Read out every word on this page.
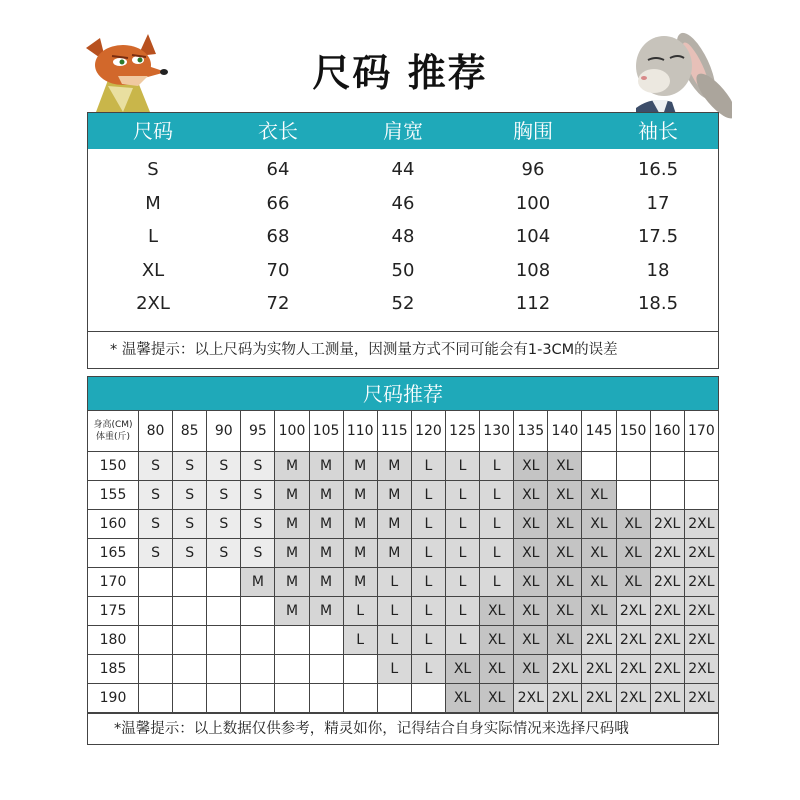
尺码 推荐
尺码	衣长	肩宽	胸围	袖长
S	64	44	96	16.5
M	66	46	100	17
L	68	48	104	17.5
XL	70	50	108	18
2XL	72	52	112	18.5
* 温馨提示：以上尺码为实物人工测量，因测量方式不同可能会有1-3CM的误差
尺码推荐
身高(CM)
体重(斤)	80	85	90	95	100	105	110	115	120	125	130	135	140	145	150	160	170
150	S	S	S	S	M	M	M	M	L	L	L	XL	XL				
155	S	S	S	S	M	M	M	M	L	L	L	XL	XL	XL			
160	S	S	S	S	M	M	M	M	L	L	L	XL	XL	XL	XL	2XL	2XL
165	S	S	S	S	M	M	M	M	L	L	L	XL	XL	XL	XL	2XL	2XL
170				M	M	M	M	L	L	L	L	XL	XL	XL	XL	2XL	2XL
175					M	M	L	L	L	L	XL	XL	XL	XL	2XL	2XL	2XL
180							L	L	L	L	XL	XL	XL	2XL	2XL	2XL	2XL
185								L	L	XL	XL	XL	2XL	2XL	2XL	2XL	2XL
190										XL	XL	2XL	2XL	2XL	2XL	2XL	2XL
*温馨提示：以上数据仅供参考，精灵如你，记得结合自身实际情况来选择尺码哦
